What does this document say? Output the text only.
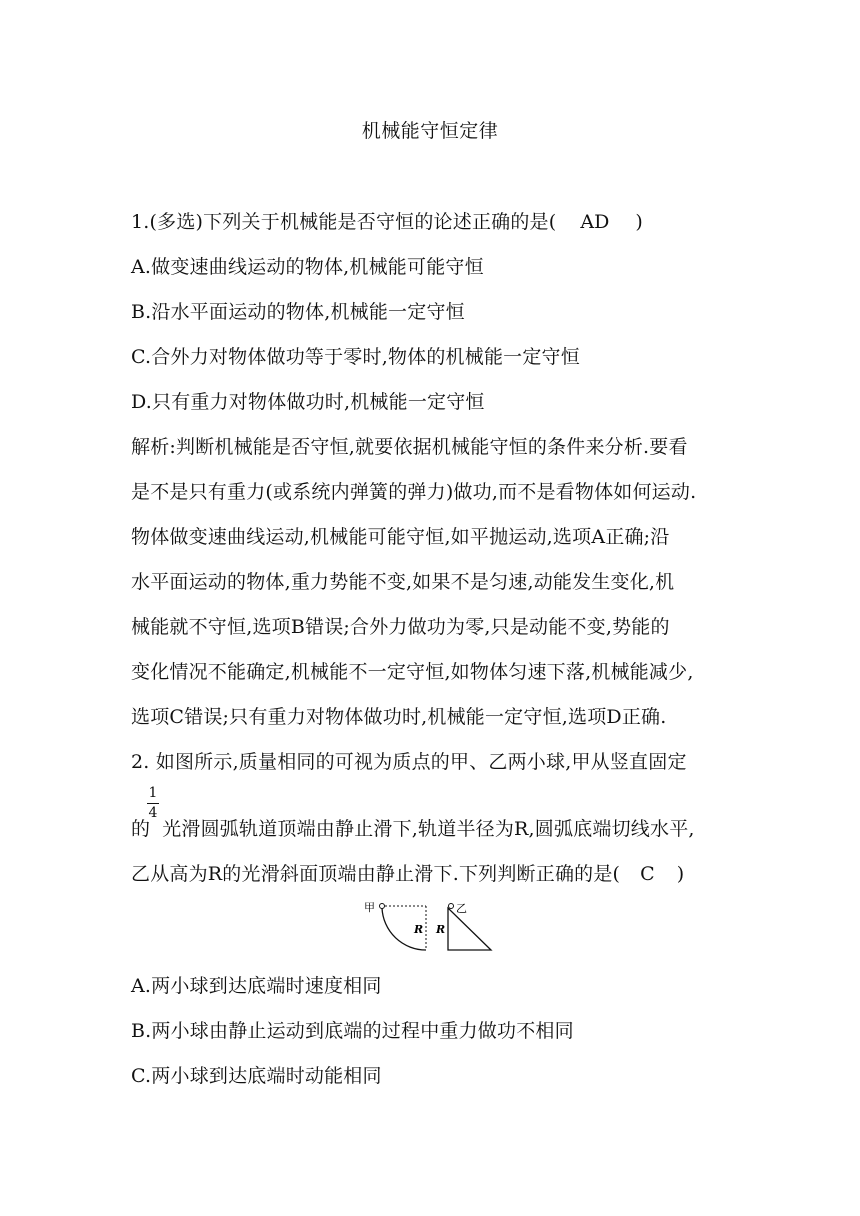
机械能守恒定律
1.(多选)下列关于机械能是否守恒的论述正确的是( AD )
A.做变速曲线运动的物体,机械能可能守恒
B.沿水平面运动的物体,机械能一定守恒
C.合外力对物体做功等于零时,物体的机械能一定守恒
D.只有重力对物体做功时,机械能一定守恒
解析:判断机械能是否守恒,就要依据机械能守恒的条件来分析.要看
是不是只有重力(或系统内弹簧的弹力)做功,而不是看物体如何运动.
物体做变速曲线运动,机械能可能守恒,如平抛运动,选项A正确;沿
水平面运动的物体,重力势能不变,如果不是匀速,动能发生变化,机
械能就不守恒,选项B错误;合外力做功为零,只是动能不变,势能的
变化情况不能确定,机械能不一定守恒,如物体匀速下落,机械能减少,
选项C错误;只有重力对物体做功时,机械能一定守恒,选项D正确.
2. 如图所示,质量相同的可视为质点的甲、乙两小球,甲从竖直固定
1
4
的 光滑圆弧轨道顶端由静止滑下,轨道半径为R,圆弧底端切线水平,
乙从高为R的光滑斜面顶端由静止滑下.下列判断正确的是( C )
甲
R R
乙
A.两小球到达底端时速度相同
B.两小球由静止运动到底端的过程中重力做功不相同
C.两小球到达底端时动能相同
